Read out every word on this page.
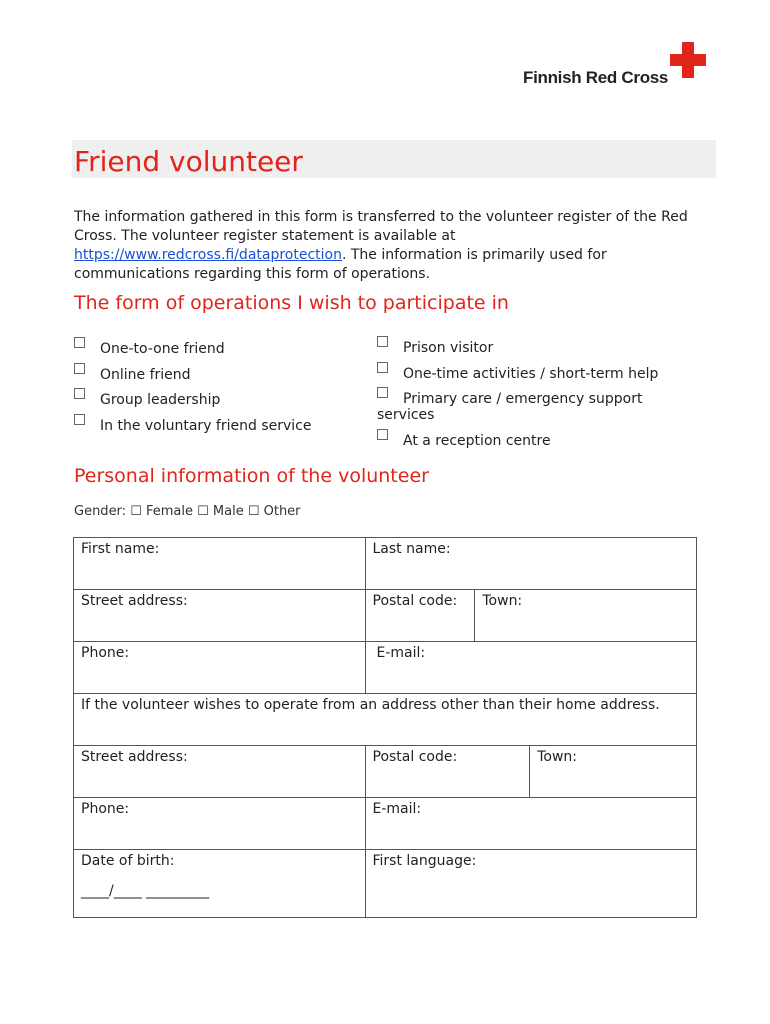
Finnish Red Cross
Friend volunteer
The information gathered in this form is transferred to the volunteer register of the Red Cross. The volunteer register statement is available at https://www.redcross.fi/dataprotection. The information is primarily used for communications regarding this form of operations.
The form of operations I wish to participate in
One-to-one friend
Online friend
Group leadership
In the voluntary friend service
Prison visitor
One-time activities / short-term help
Primary care / emergency support
services
At a reception centre
Personal information of the volunteer
Gender: ☐ Female ☐ Male ☐ Other
First name:	Last name:		
Street address:	Postal code:	Town:	
Phone:	E-mail:		
If the volunteer wishes to operate from an address other than their home address.			
Street address:	Postal code:		Town:
Phone:	E-mail:		

Date of birth:
____/____ _________	First language:		
